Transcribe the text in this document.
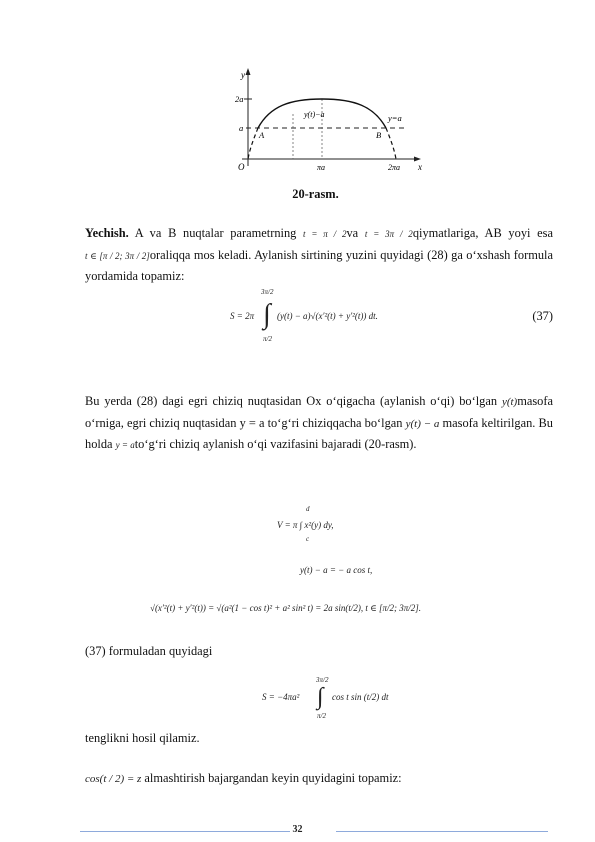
y
x
2a
a
O
A	B
y(t)−a	y=a
πa	2πa
20-rasm.
Yechish. A va B nuqtalar parametrning t = π / 2va t = 3π / 2qiymatlariga, AB yoyi esa t ∈ [π / 2; 3π / 2]oraliqqa mos keladi. Aylanish sirtining yuzini quyidagi (28) ga o‘xshash formula yordamida topamiz:
S = 2π
3π/2
∫
π/2
(y(t) − a)√(x′²(t) + y′²(t)) dt.	(37)
Bu yerda (28) dagi egri chiziq nuqtasidan Ox o‘qigacha (aylanish o‘qi) bo‘lgan y(t)masofa o‘rniga, egri chiziq nuqtasidan y = a to‘g‘ri chiziqqacha bo‘lgan y(t) − a masofa keltirilgan. Bu holda y = ato‘g‘ri chiziq aylanish o‘qi vazifasini bajaradi (20-rasm).
d
V = π ∫ x²(y) dy,
c
y(t) − a = − a cos t,
√(x′²(t) + y′²(t)) = √(a²(1 − cos t)² + a² sin² t) = 2a sin(t/2), t ∈ [π/2; 3π/2].
(37) formuladan quyidagi
S = −4πa²
3π/2
∫
π/2
cos t sin (t/2) dt
tenglikni hosil qilamiz.
cos(t / 2) = z almashtirish bajargandan keyin quyidagini topamiz:
32
